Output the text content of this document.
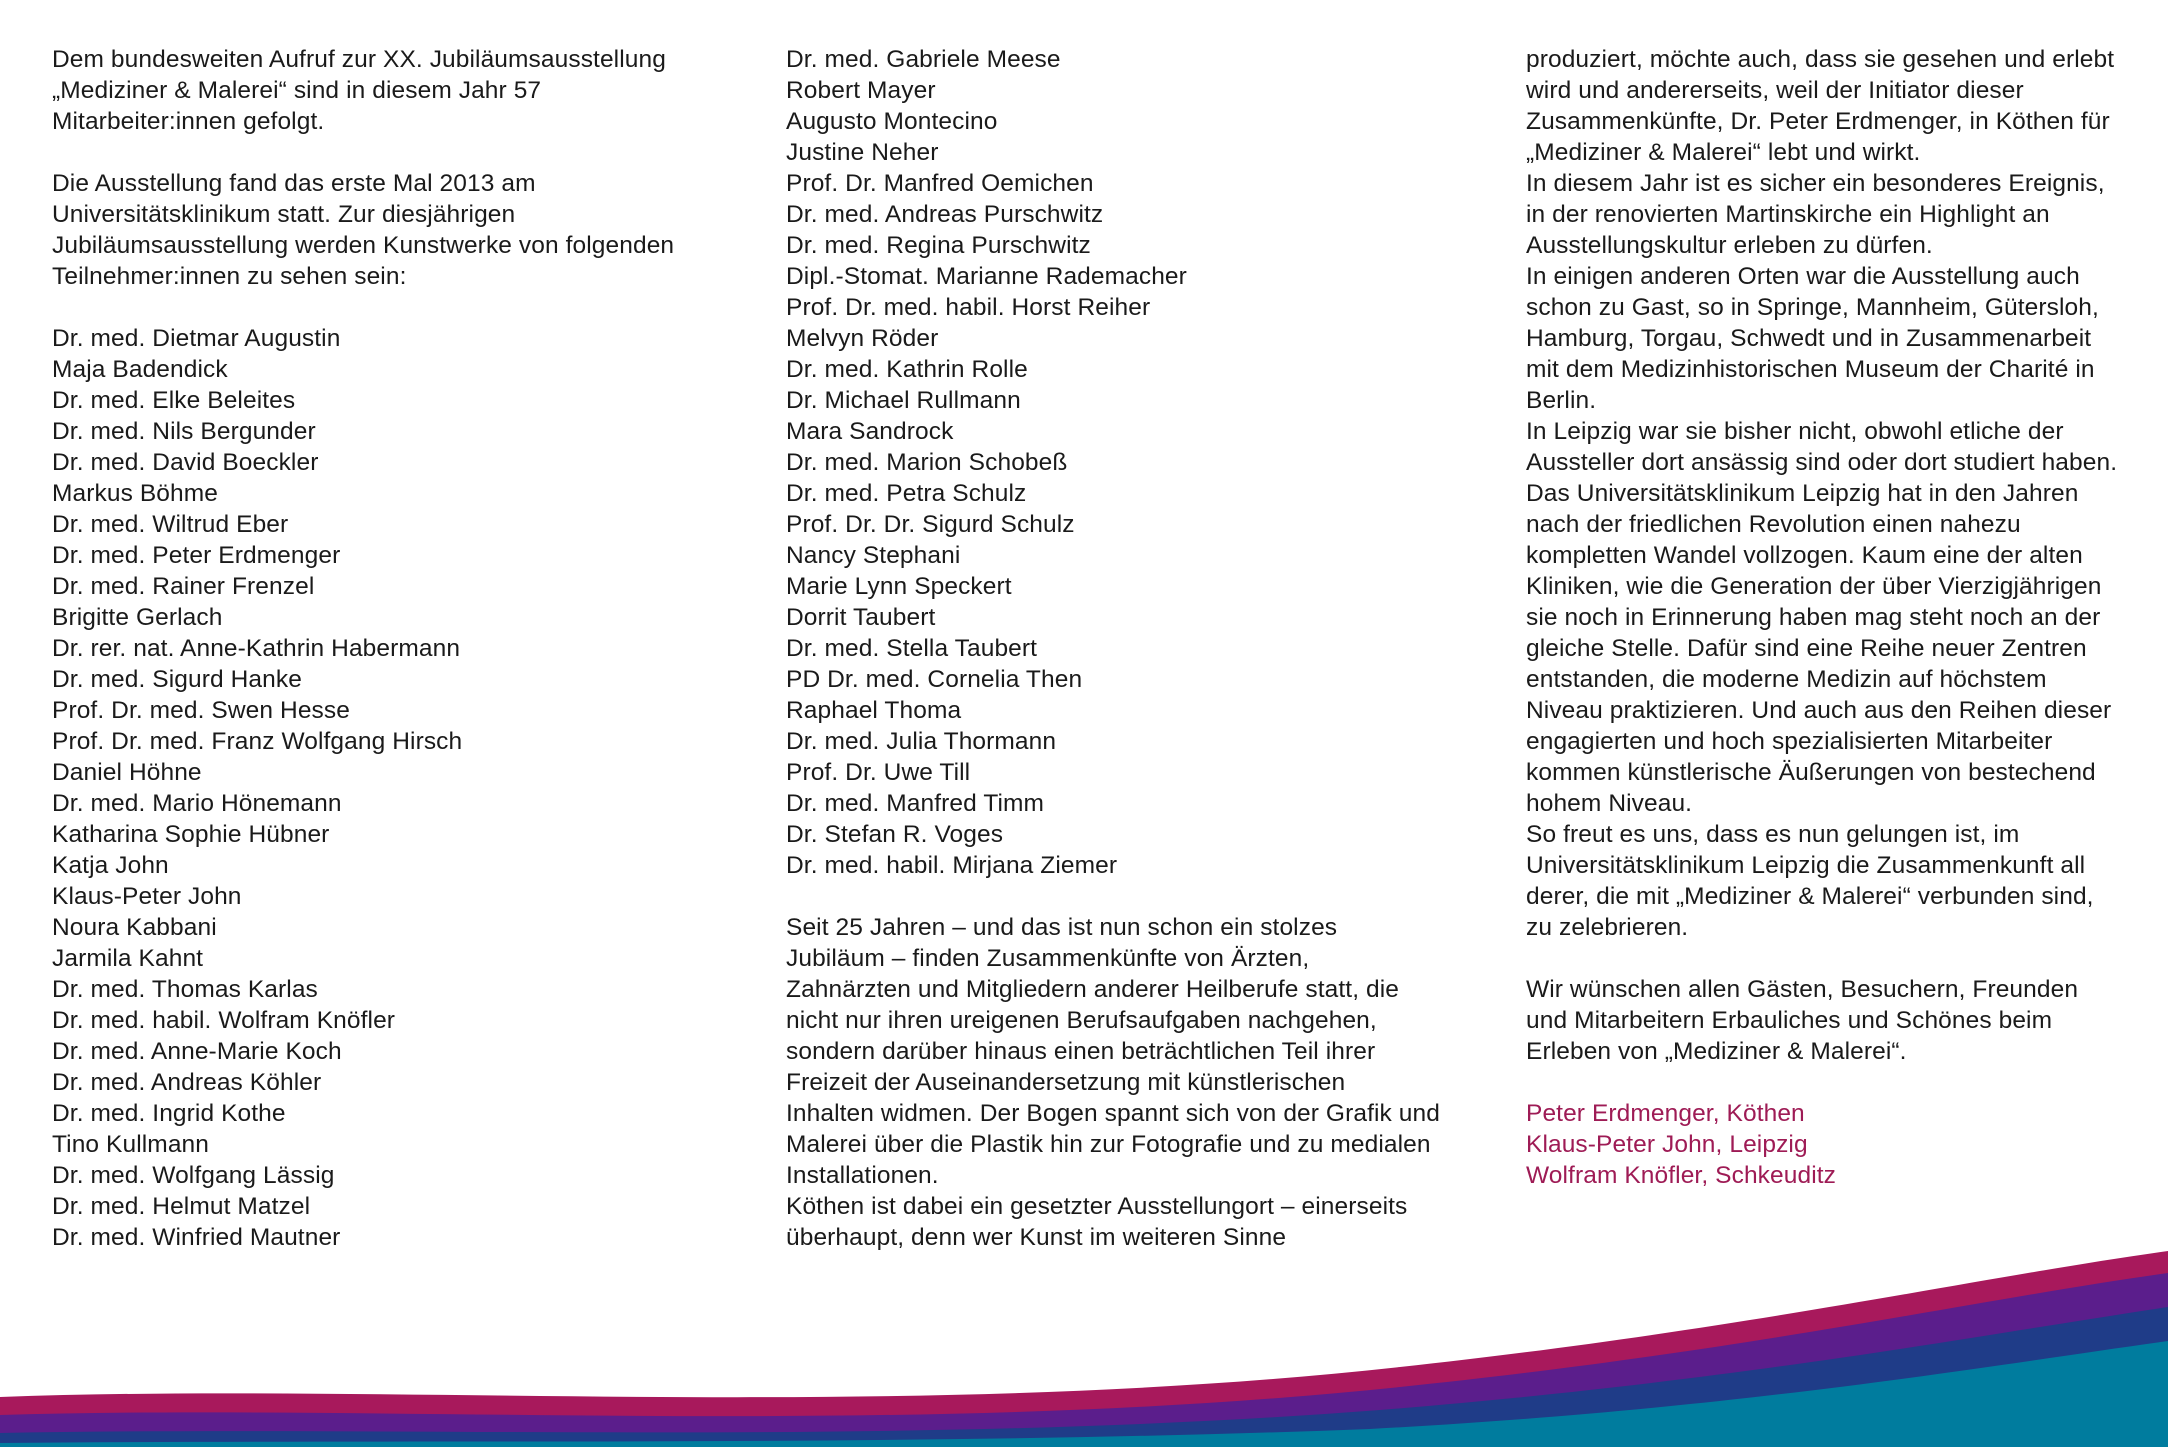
Dem bundesweiten Aufruf zur XX. Jubiläumsausstellung „Mediziner & Malerei“ sind in diesem Jahr 57 Mitarbeiter:innen gefolgt.

Die Ausstellung fand das erste Mal 2013 am Universitätsklinikum statt. Zur diesjährigen Jubiläumsausstellung werden Kunstwerke von folgenden Teilnehmer:innen zu sehen sein:

Dr. med. Dietmar Augustin
Maja Badendick
Dr. med. Elke Beleites
Dr. med. Nils Bergunder
Dr. med. David Boeckler
Markus Böhme
Dr. med. Wiltrud Eber
Dr. med. Peter Erdmenger
Dr. med. Rainer Frenzel
Brigitte Gerlach
Dr. rer. nat. Anne-Kathrin Habermann
Dr. med. Sigurd Hanke
Prof. Dr. med. Swen Hesse
Prof. Dr. med. Franz Wolfgang Hirsch
Daniel Höhne
Dr. med. Mario Hönemann
Katharina Sophie Hübner
Katja John
Klaus-Peter John
Noura Kabbani
Jarmila Kahnt
Dr. med. Thomas Karlas
Dr. med. habil. Wolfram Knöfler
Dr. med. Anne-Marie Koch
Dr. med. Andreas Köhler
Dr. med. Ingrid Kothe
Tino Kullmann
Dr. med. Wolfgang Lässig
Dr. med. Helmut Matzel
Dr. med. Winfried Mautner
Dr. med. Gabriele Meese
Robert Mayer
Augusto Montecino
Justine Neher
Prof. Dr. Manfred Oemichen
Dr. med. Andreas Purschwitz
Dr. med. Regina Purschwitz
Dipl.-Stomat. Marianne Rademacher
Prof. Dr. med. habil. Horst Reiher
Melvyn Röder
Dr. med. Kathrin Rolle
Dr. Michael Rullmann
Mara Sandrock
Dr. med. Marion Schobeß
Dr. med. Petra Schulz
Prof. Dr. Dr. Sigurd Schulz
Nancy Stephani
Marie Lynn Speckert
Dorrit Taubert
Dr. med. Stella Taubert
PD Dr. med. Cornelia Then
Raphael Thoma
Dr. med. Julia Thormann
Prof. Dr. Uwe Till
Dr. med. Manfred Timm
Dr. Stefan R. Voges
Dr. med. habil. Mirjana Ziemer

Seit 25 Jahren – und das ist nun schon ein stolzes Jubiläum – finden Zusammenkünfte von Ärzten, Zahnärzten und Mitgliedern anderer Heilberufe statt, die nicht nur ihren ureigenen Berufsaufgaben nachgehen, sondern darüber hinaus einen beträchtlichen Teil ihrer Freizeit der Auseinandersetzung mit künstlerischen Inhalten widmen. Der Bogen spannt sich von der Grafik und Malerei über die Plastik hin zur Fotografie und zu medialen Installationen.

Köthen ist dabei ein gesetzter Ausstellungort – einerseits überhaupt, denn wer Kunst im weiteren Sinne

produziert, möchte auch, dass sie gesehen und erlebt wird und andererseits, weil der Initiator dieser Zusammenkünfte, Dr. Peter Erdmenger, in Köthen für „Mediziner & Malerei“ lebt und wirkt.

In diesem Jahr ist es sicher ein besonderes Ereignis, in der renovierten Martinskirche ein Highlight an Ausstellungskultur erleben zu dürfen.

In einigen anderen Orten war die Ausstellung auch schon zu Gast, so in Springe, Mannheim, Gütersloh, Hamburg, Torgau, Schwedt und in Zusammenarbeit mit dem Medizinhistorischen Museum der Charité in Berlin.

In Leipzig war sie bisher nicht, obwohl etliche der Aussteller dort ansässig sind oder dort studiert haben.

Das Universitätsklinikum Leipzig hat in den Jahren nach der friedlichen Revolution einen nahezu kompletten Wandel vollzogen. Kaum eine der alten Kliniken, wie die Generation der über Vierzigjährigen sie noch in Erinnerung haben mag steht noch an der gleiche Stelle. Dafür sind eine Reihe neuer Zentren entstanden, die moderne Medizin auf höchstem Niveau praktizieren. Und auch aus den Reihen dieser engagierten und hoch spezialisierten Mitarbeiter kommen künstlerische Äußerungen von bestechend hohem Niveau.

So freut es uns, dass es nun gelungen ist, im Universitätsklinikum Leipzig die Zusammenkunft all derer, die mit „Mediziner & Malerei“ verbunden sind, zu zelebrieren.

Wir wünschen allen Gästen, Besuchern, Freunden und Mitarbeitern Erbauliches und Schönes beim Erleben von „Mediziner & Malerei“.

Peter Erdmenger, Köthen
Klaus-Peter John, Leipzig
Wolfram Knöfler, Schkeuditz
